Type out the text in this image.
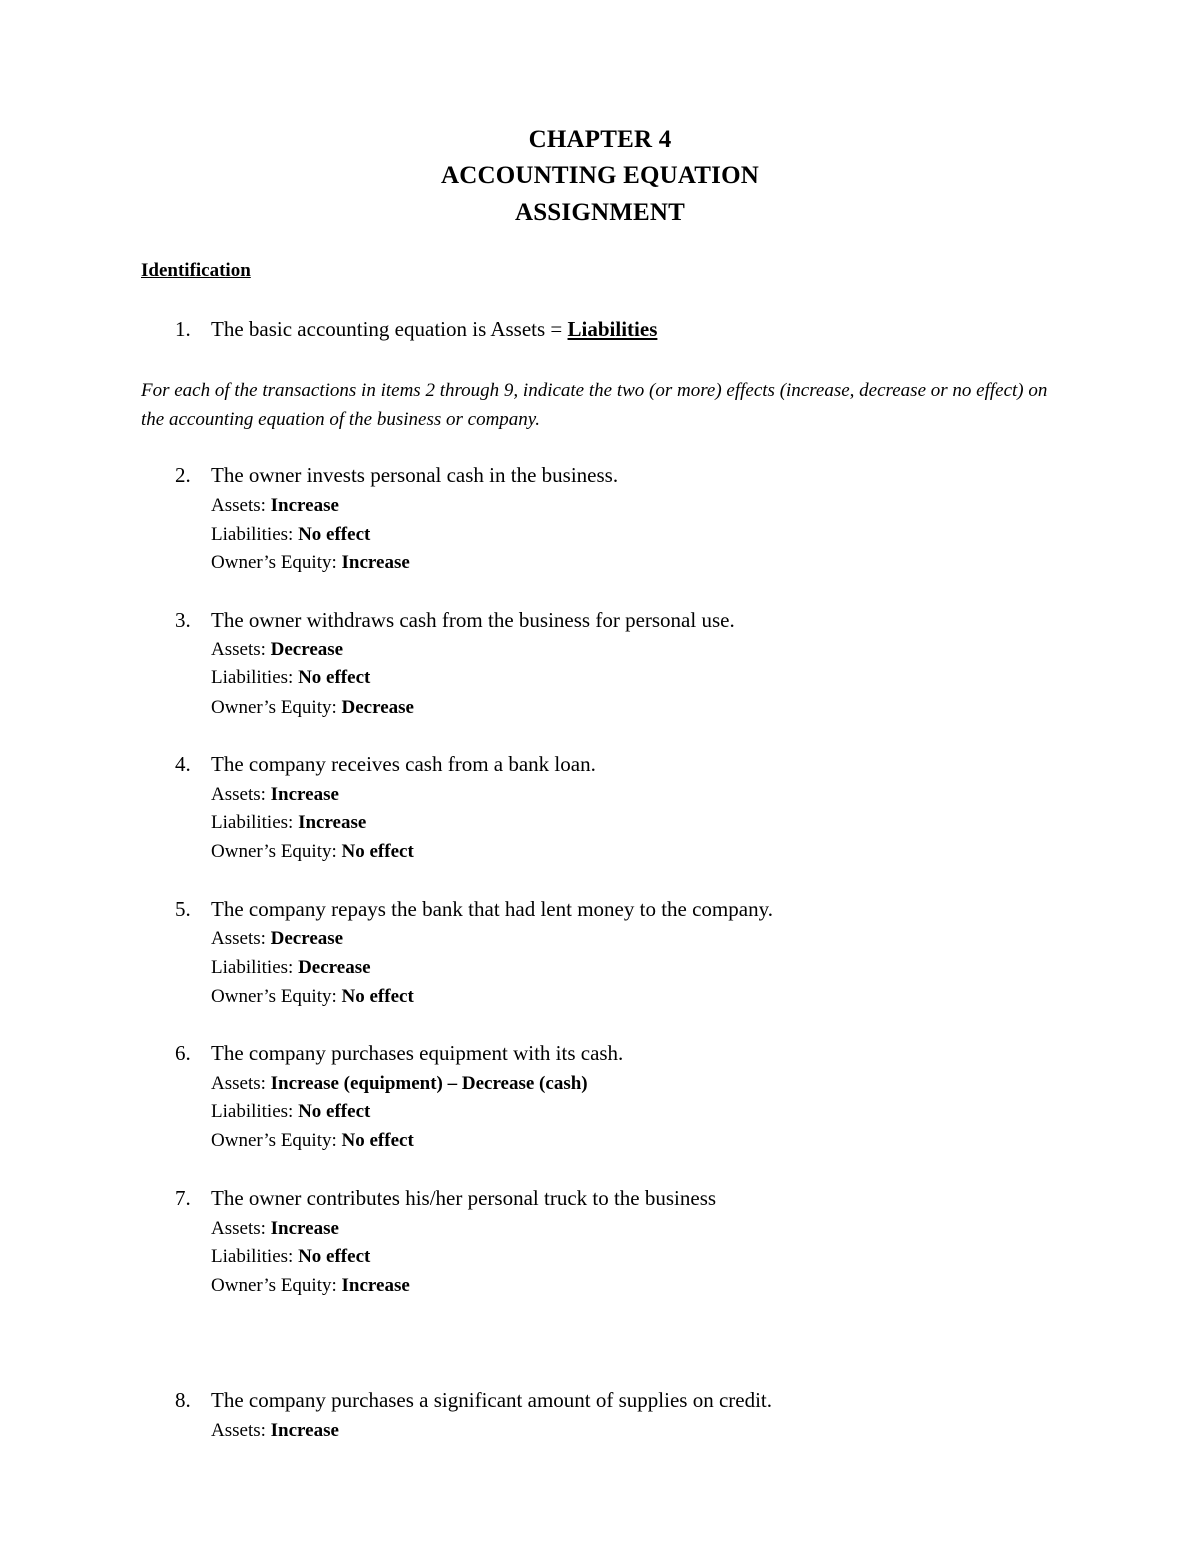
CHAPTER 4
ACCOUNTING EQUATION
ASSIGNMENT
Identification
1. The basic accounting equation is Assets = Liabilities
For each of the transactions in items 2 through 9, indicate the two (or more) effects (increase, decrease or no effect) on the accounting equation of the business or company.
2. The owner invests personal cash in the business.
Assets: Increase
Liabilities: No effect
Owner’s Equity: Increase
3. The owner withdraws cash from the business for personal use.
Assets: Decrease
Liabilities: No effect
Owner’s Equity: Decrease
4. The company receives cash from a bank loan.
Assets: Increase
Liabilities: Increase
Owner’s Equity: No effect
5. The company repays the bank that had lent money to the company.
Assets: Decrease
Liabilities: Decrease
Owner’s Equity: No effect
6. The company purchases equipment with its cash.
Assets: Increase (equipment) – Decrease (cash)
Liabilities: No effect
Owner’s Equity: No effect
7. The owner contributes his/her personal truck to the business
Assets: Increase
Liabilities: No effect
Owner’s Equity: Increase
8. The company purchases a significant amount of supplies on credit.
Assets: Increase
